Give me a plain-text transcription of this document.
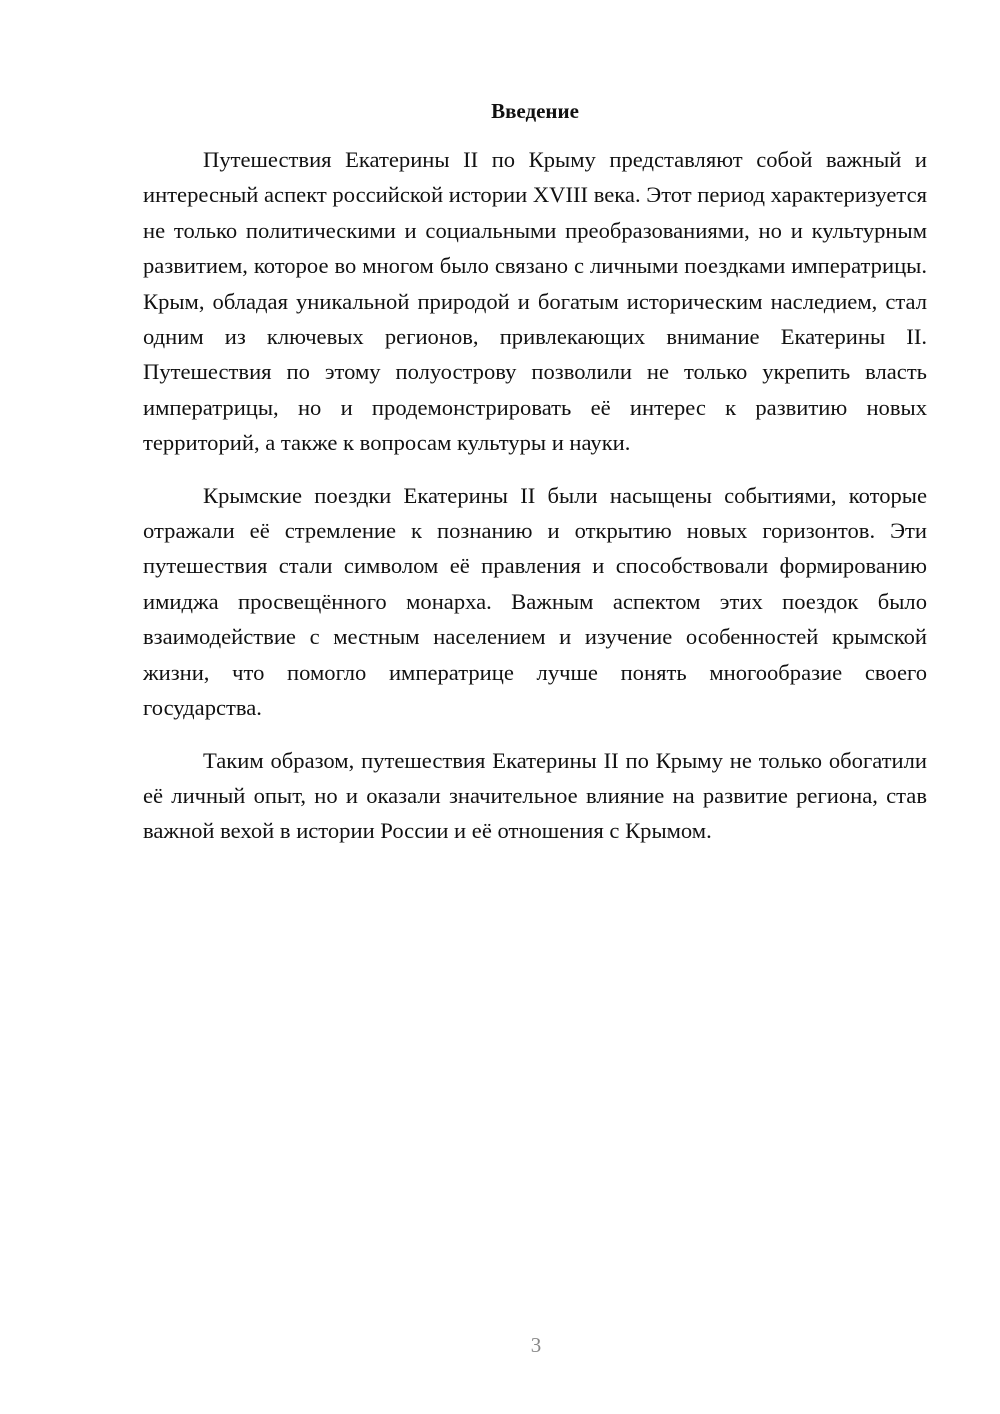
Введение

Путешествия Екатерины II по Крыму представляют собой важный и интересный аспект российской истории XVIII века. Этот период характеризуется не только политическими и социальными преобразованиями, но и культурным развитием, которое во многом было связано с личными поездками императрицы. Крым, обладая уникальной природой и богатым историческим наследием, стал одним из ключевых регионов, привлекающих внимание Екатерины II. Путешествия по этому полуострову позволили не только укрепить власть императрицы, но и продемонстрировать её интерес к развитию новых территорий, а также к вопросам культуры и науки.

Крымские поездки Екатерины II были насыщены событиями, которые отражали её стремление к познанию и открытию новых горизонтов. Эти путешествия стали символом её правления и способствовали формированию имиджа просвещённого монарха. Важным аспектом этих поездок было взаимодействие с местным населением и изучение особенностей крымской жизни, что помогло императрице лучше понять многообразие своего государства.

Таким образом, путешествия Екатерины II по Крыму не только обогатили её личный опыт, но и оказали значительное влияние на развитие региона, став важной вехой в истории России и её отношения с Крымом.

3
